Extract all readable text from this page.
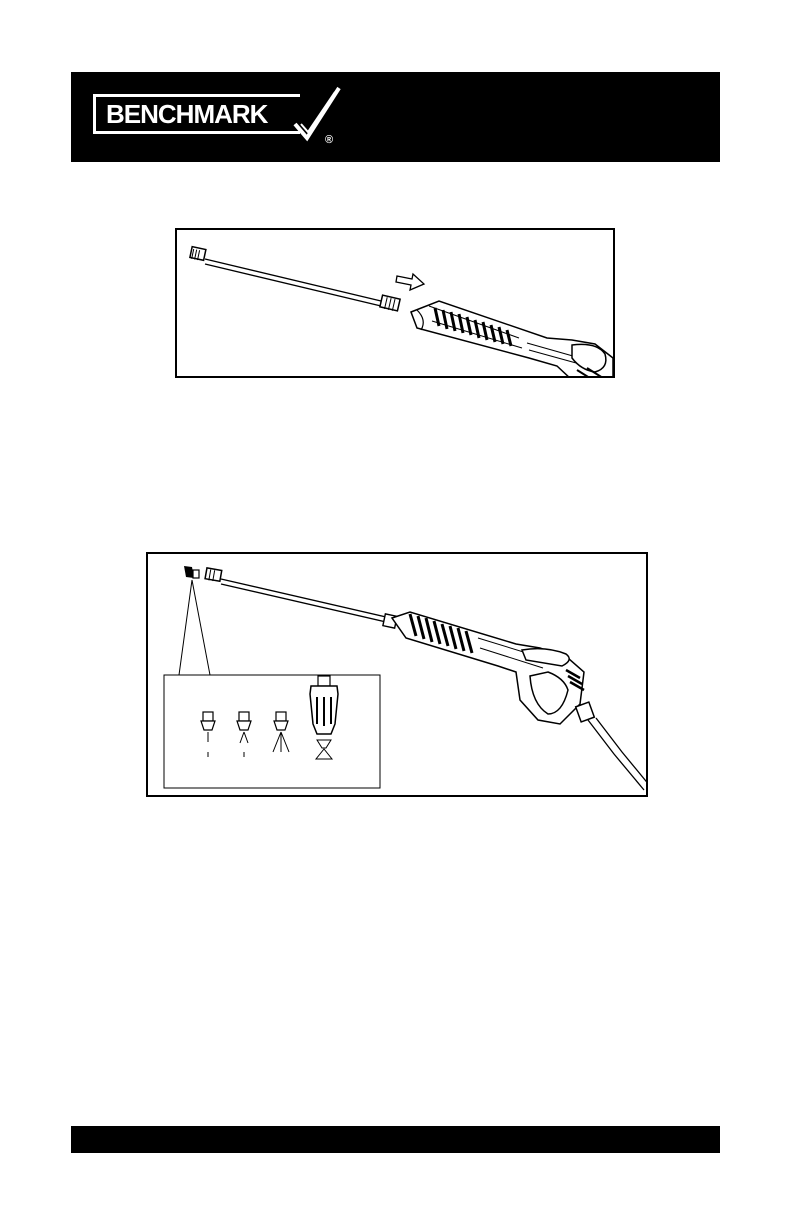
BENCHMARK
®
